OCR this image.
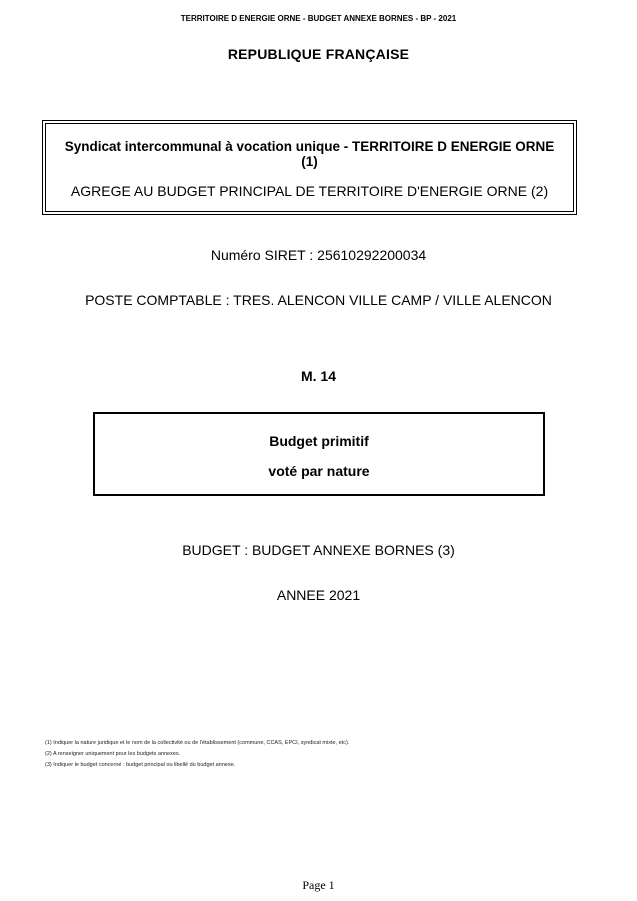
TERRITOIRE D ENERGIE ORNE - BUDGET ANNEXE BORNES - BP - 2021
REPUBLIQUE FRANÇAISE
Syndicat intercommunal à vocation unique - TERRITOIRE D ENERGIE ORNE (1)
AGREGE AU BUDGET PRINCIPAL DE TERRITOIRE D'ENERGIE ORNE (2)
Numéro SIRET : 25610292200034
POSTE COMPTABLE : TRES. ALENCON VILLE CAMP / VILLE ALENCON
M. 14
Budget primitif
voté par nature
BUDGET : BUDGET ANNEXE BORNES (3)
ANNEE 2021
(1) Indiquer la nature juridique et le nom de la collectivité ou de l'établissement (commune, CCAS, EPCI, syndicat mixte, etc).
(2) A renseigner uniquement pour les budgets annexes.
(3) Indiquer le budget concerné : budget principal ou libellé du budget annexe.
Page 1
